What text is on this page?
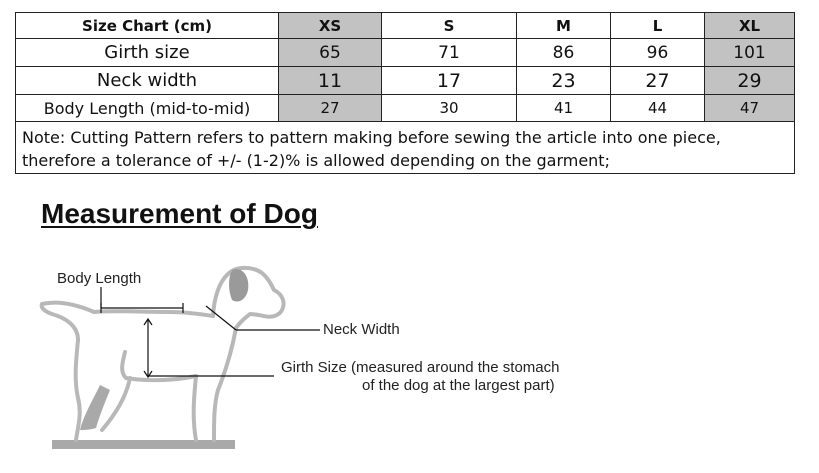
Size Chart (cm)	XS	S	M	L	XL
Girth size	65	71	86	96	101
Neck width	11	17	23	27	29
Body Length (mid-to-mid)	27	30	41	44	47

Note: Cutting Pattern refers to pattern making before sewing the article into one piece,
therefore a tolerance of +/- (1-2)% is allowed depending on the garment;					
Measurement of Dog
Body Length
Neck Width
Girth Size (measured around the stomach
of the dog at the largest part)
